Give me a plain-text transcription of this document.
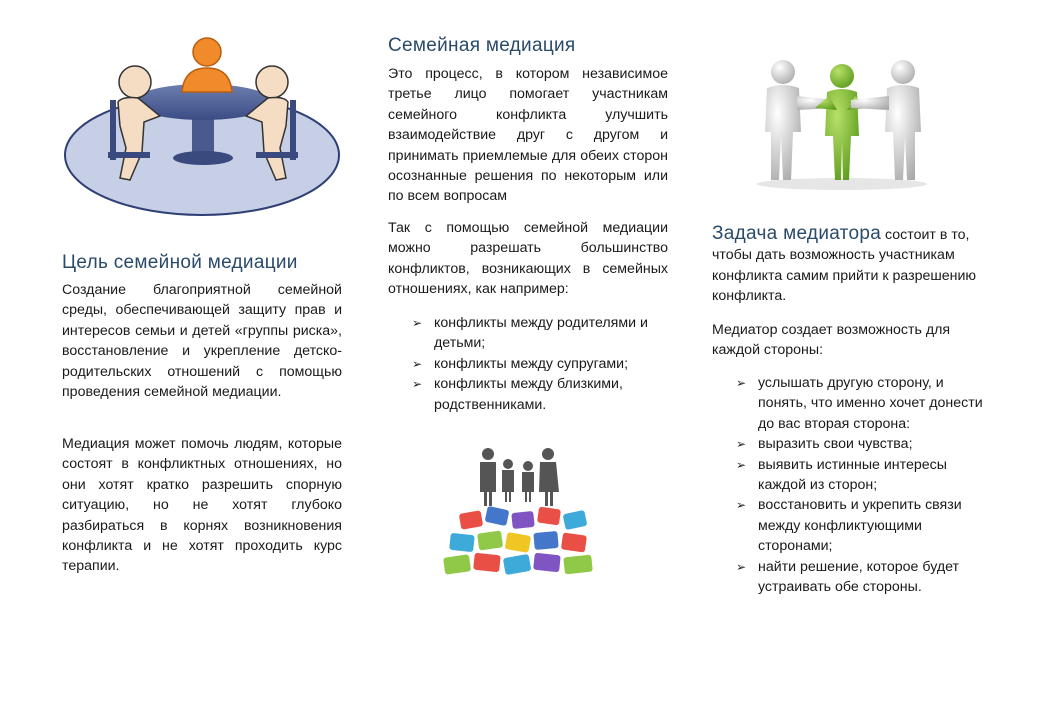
Цель семейной медиации

Создание благоприятной семейной среды, обеспечивающей защиту прав и интересов семьи и детей «группы риска», восстановление и укрепление детско-родительских отношений с помощью проведения семейной медиации.

Медиация может помочь людям, которые состоят в конфликтных отношениях, но они хотят кратко разрешить спорную ситуацию, но не хотят глубоко разбираться в корнях возникновения конфликта и не хотят проходить курс терапии.

Семейная медиация

Это процесс, в котором независимое третье лицо помогает участникам семейного конфликта улучшить взаимодействие друг с другом и принимать приемлемые для обеих сторон осознанные решения по некоторым или по всем вопросам

Так с помощью семейной медиации можно разрешать большинство конфликтов, возникающих в семейных отношениях, как например:

➢ конфликты между родителями и детьми;
➢ конфликты между супругами;
➢ конфликты между близкими, родственниками.

Задача медиатора состоит в то, чтобы дать возможность участникам конфликта самим прийти к разрешению конфликта.

Медиатор создает возможность для каждой стороны:

➢ услышать другую сторону, и понять, что именно хочет донести до вас вторая сторона:
➢ выразить свои чувства;
➢ выявить истинные интересы каждой из сторон;
➢ восстановить и укрепить связи между конфликтующими сторонами;
➢ найти решение, которое будет устраивать обе стороны.
